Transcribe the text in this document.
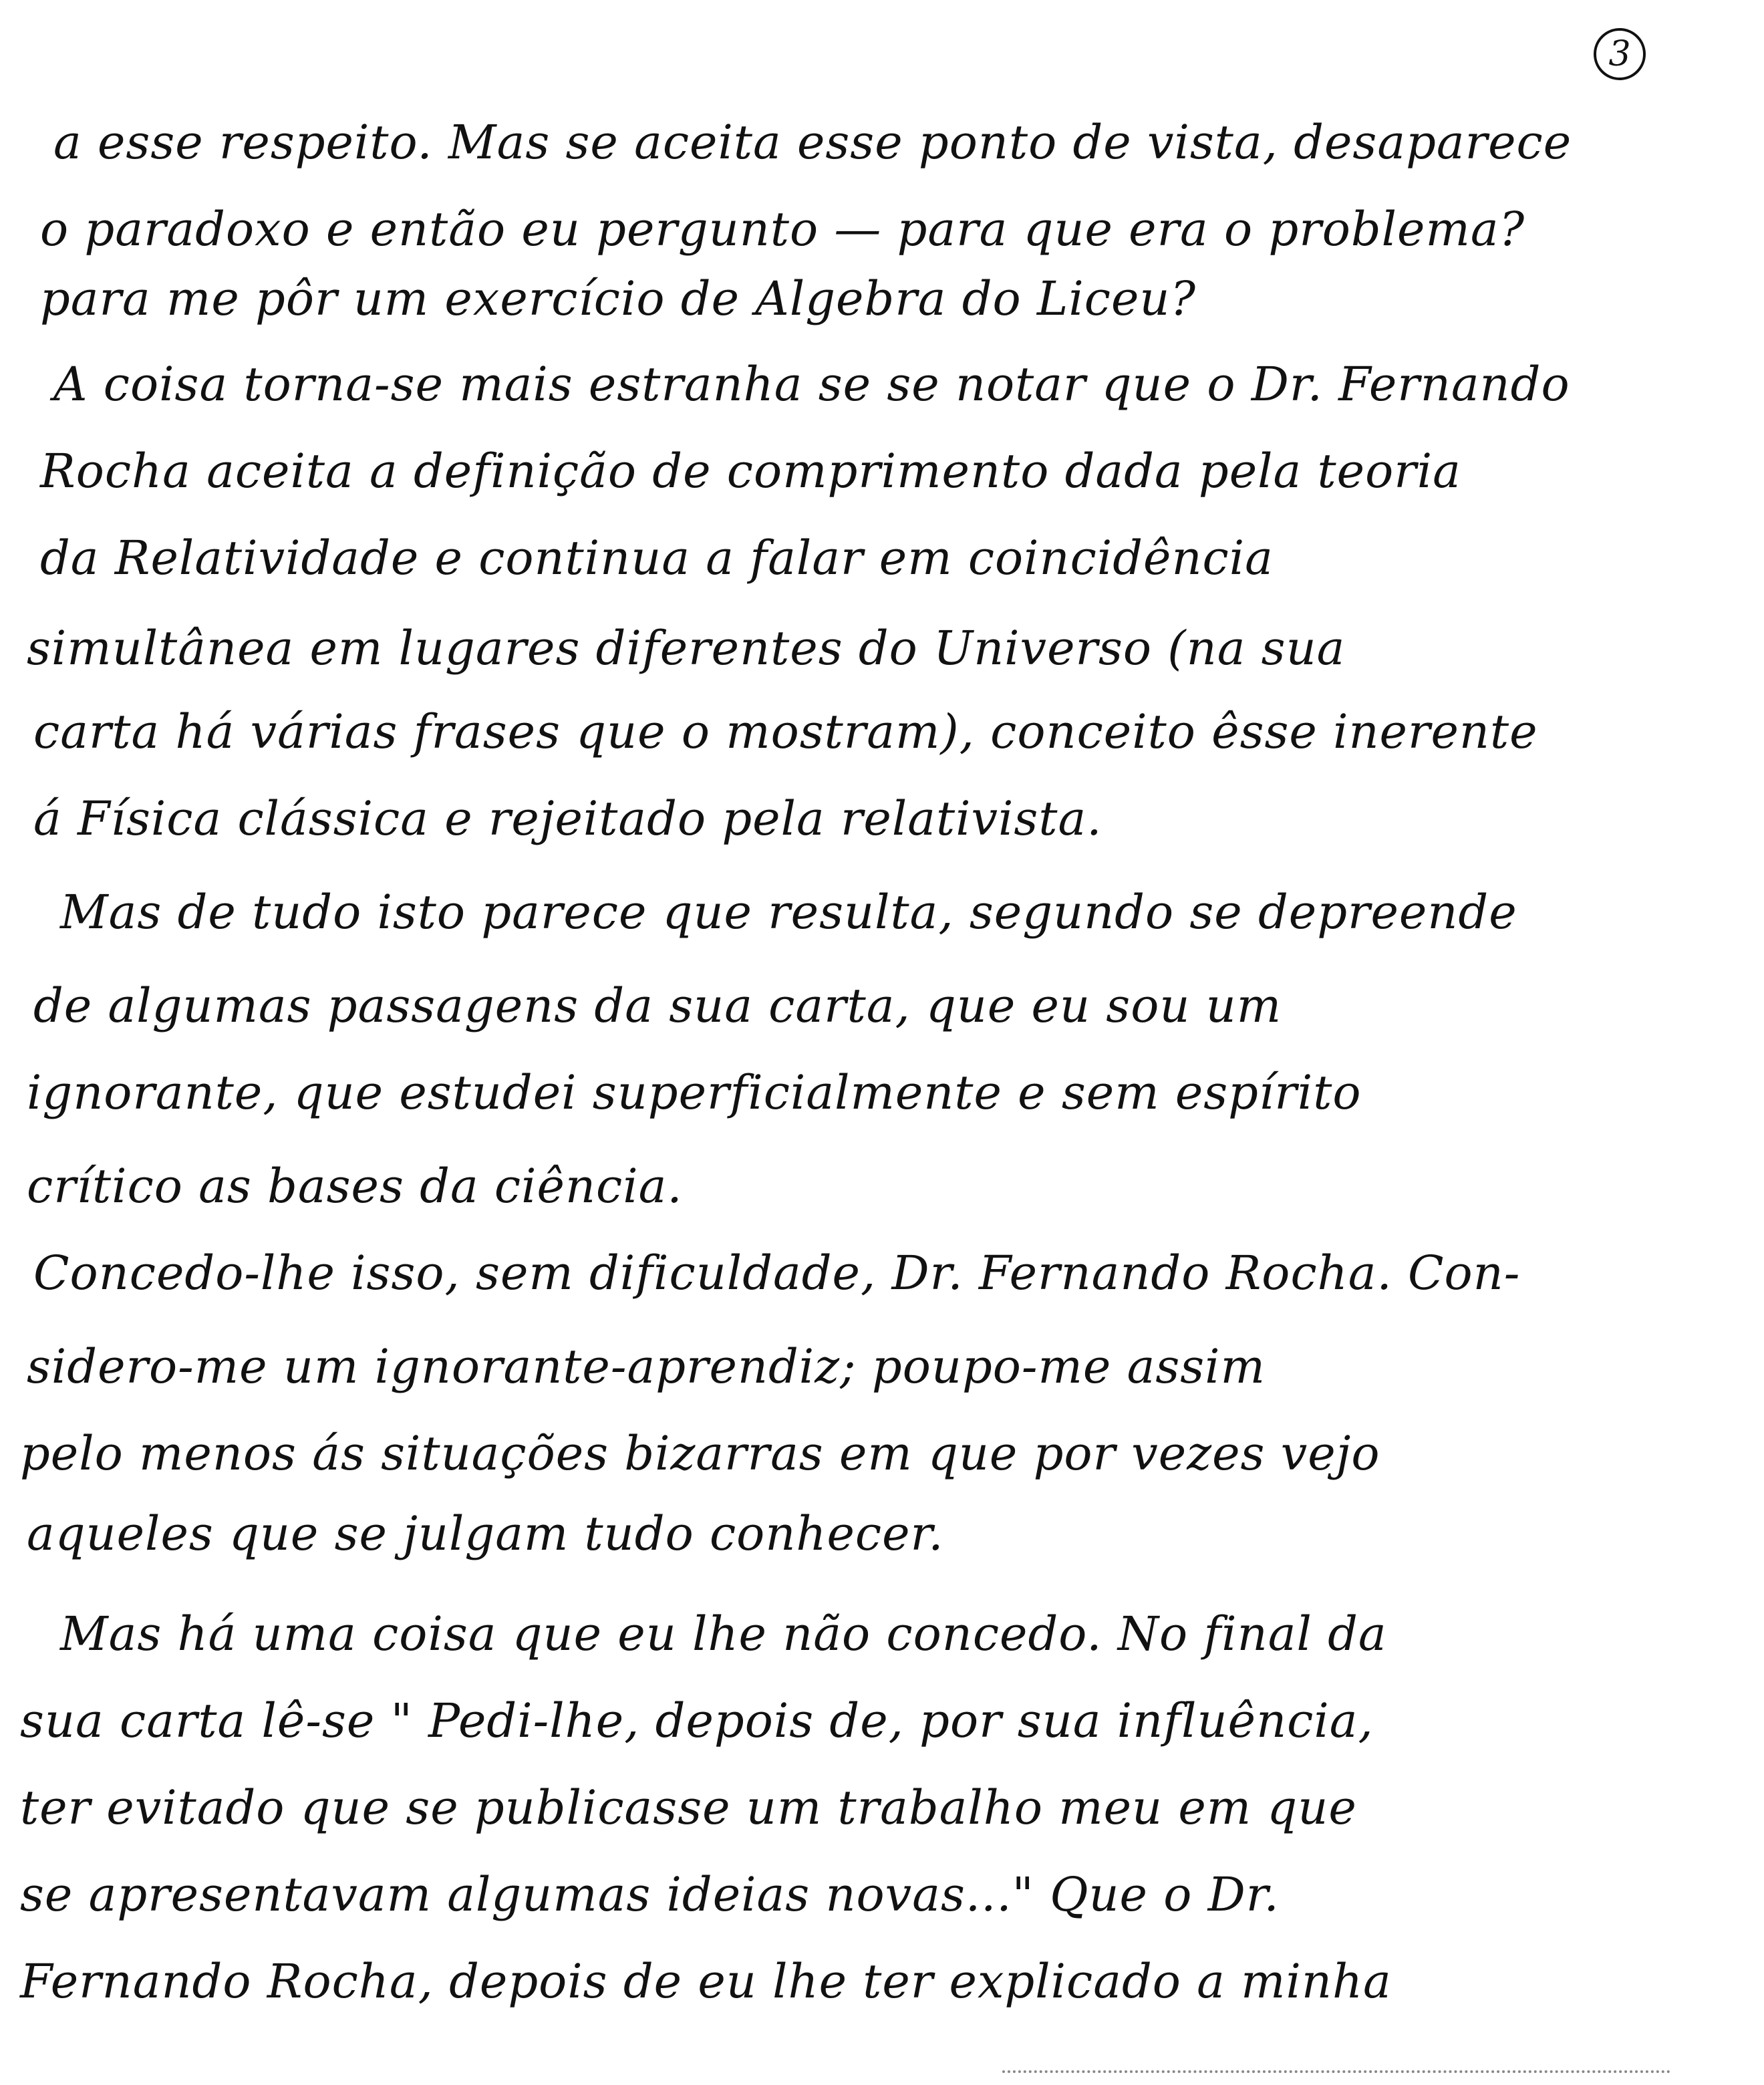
3
a esse respeito. Mas se aceita esse ponto de vista, desaparece
o paradoxo e então eu pergunto — para que era o problema?
para me pôr um exercício de Algebra do Liceu?
A coisa torna-se mais estranha se se notar que o Dr. Fernando
Rocha aceita a definição de comprimento dada pela teoria
da Relatividade e continua a falar em coincidência
simultânea em lugares diferentes do Universo (na sua
carta há várias frases que o mostram), conceito êsse inerente
á Física clássica e rejeitado pela relativista.
Mas de tudo isto parece que resulta, segundo se depreende
de algumas passagens da sua carta, que eu sou um
ignorante, que estudei superficialmente e sem espírito
crítico as bases da ciência.
Concedo-lhe isso, sem dificuldade, Dr. Fernando Rocha. Con-
sidero-me um ignorante-aprendiz; poupo-me assim
pelo menos ás situações bizarras em que por vezes vejo
aqueles que se julgam tudo conhecer.
Mas há uma coisa que eu lhe não concedo. No final da
sua carta lê-se " Pedi-lhe, depois de, por sua influência,
ter evitado que se publicasse um trabalho meu em que
se apresentavam algumas ideias novas..." Que o Dr.
Fernando Rocha, depois de eu lhe ter explicado a minha
